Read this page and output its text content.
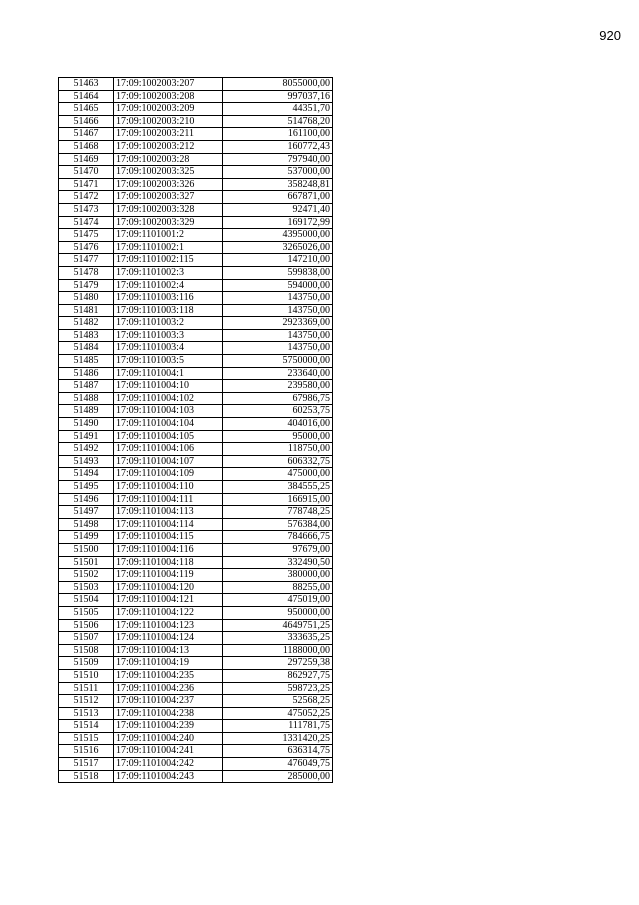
920
51463	17:09:1002003:207	8055000,00
51464	17:09:1002003:208	997037,16
51465	17:09:1002003:209	44351,70
51466	17:09:1002003:210	514768,20
51467	17:09:1002003:211	161100,00
51468	17:09:1002003:212	160772,43
51469	17:09:1002003:28	797940,00
51470	17:09:1002003:325	537000,00
51471	17:09:1002003:326	358248,81
51472	17:09:1002003:327	667871,00
51473	17:09:1002003:328	92471,40
51474	17:09:1002003:329	169172,99
51475	17:09:1101001:2	4395000,00
51476	17:09:1101002:1	3265026,00
51477	17:09:1101002:115	147210,00
51478	17:09:1101002:3	599838,00
51479	17:09:1101002:4	594000,00
51480	17:09:1101003:116	143750,00
51481	17:09:1101003:118	143750,00
51482	17:09:1101003:2	2923369,00
51483	17:09:1101003:3	143750,00
51484	17:09:1101003:4	143750,00
51485	17:09:1101003:5	5750000,00
51486	17:09:1101004:1	233640,00
51487	17:09:1101004:10	239580,00
51488	17:09:1101004:102	67986,75
51489	17:09:1101004:103	60253,75
51490	17:09:1101004:104	404016,00
51491	17:09:1101004:105	95000,00
51492	17:09:1101004:106	118750,00
51493	17:09:1101004:107	606332,75
51494	17:09:1101004:109	475000,00
51495	17:09:1101004:110	384555,25
51496	17:09:1101004:111	166915,00
51497	17:09:1101004:113	778748,25
51498	17:09:1101004:114	576384,00
51499	17:09:1101004:115	784666,75
51500	17:09:1101004:116	97679,00
51501	17:09:1101004:118	332490,50
51502	17:09:1101004:119	380000,00
51503	17:09:1101004:120	88255,00
51504	17:09:1101004:121	475019,00
51505	17:09:1101004:122	950000,00
51506	17:09:1101004:123	4649751,25
51507	17:09:1101004:124	333635,25
51508	17:09:1101004:13	1188000,00
51509	17:09:1101004:19	297259,38
51510	17:09:1101004:235	862927,75
51511	17:09:1101004:236	598723,25
51512	17:09:1101004:237	52568,25
51513	17:09:1101004:238	475052,25
51514	17:09:1101004:239	111781,75
51515	17:09:1101004:240	1331420,25
51516	17:09:1101004:241	636314,75
51517	17:09:1101004:242	476049,75
51518	17:09:1101004:243	285000,00
